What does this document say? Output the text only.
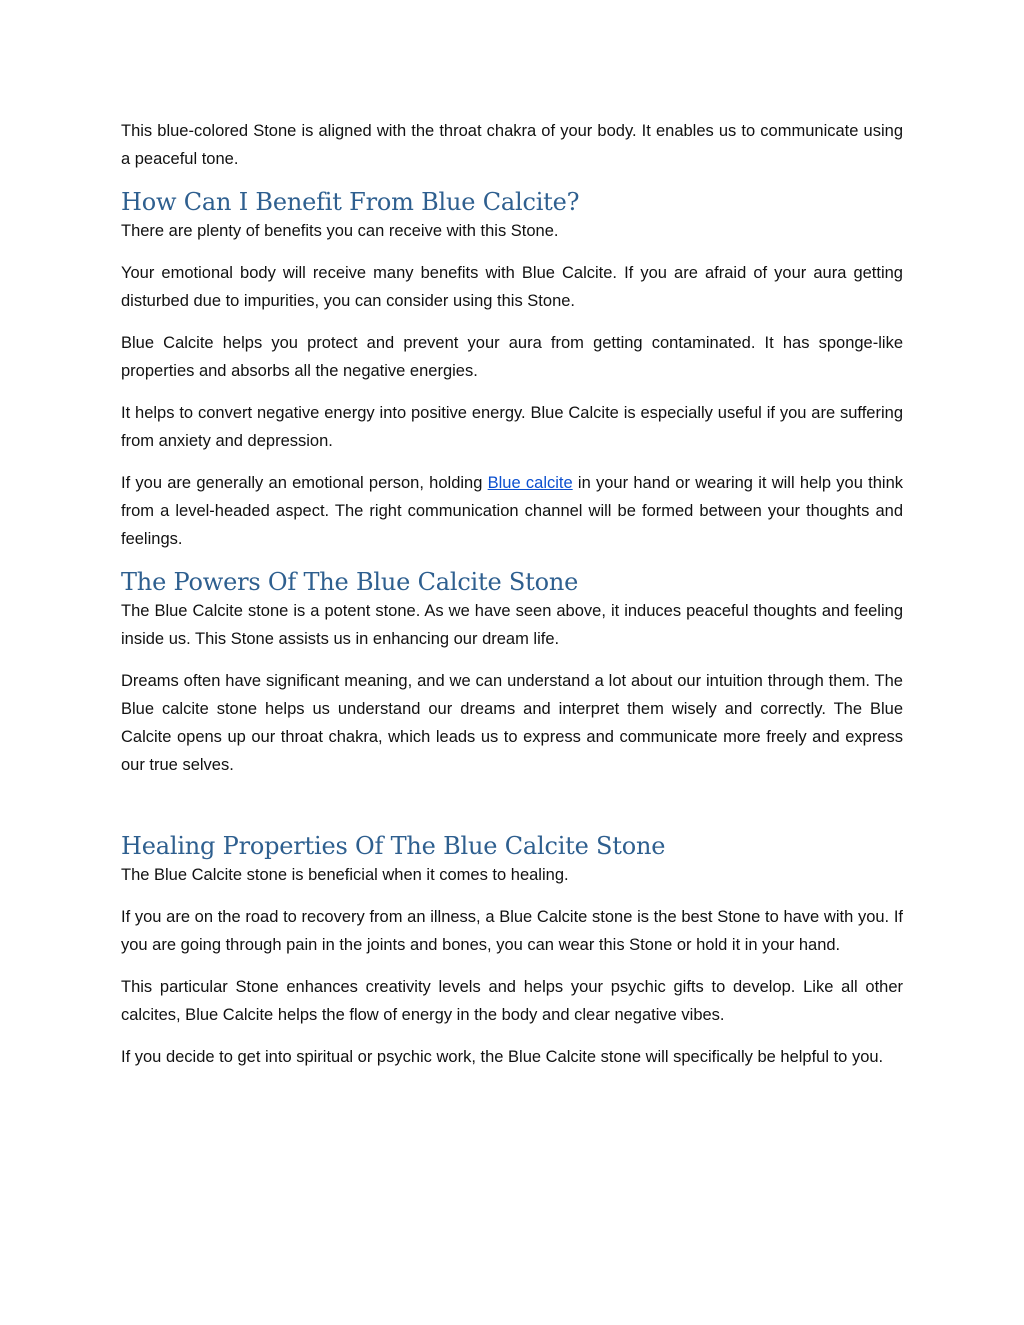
This blue-colored Stone is aligned with the throat chakra of your body. It enables us to communicate using a peaceful tone.

How Can I Benefit From Blue Calcite?

There are plenty of benefits you can receive with this Stone.

Your emotional body will receive many benefits with Blue Calcite. If you are afraid of your aura getting disturbed due to impurities, you can consider using this Stone.

Blue Calcite helps you protect and prevent your aura from getting contaminated. It has sponge-like properties and absorbs all the negative energies.

It helps to convert negative energy into positive energy. Blue Calcite is especially useful if you are suffering from anxiety and depression.

If you are generally an emotional person, holding Blue calcite in your hand or wearing it will help you think from a level-headed aspect. The right communication channel will be formed between your thoughts and feelings.

The Powers Of The Blue Calcite Stone

The Blue Calcite stone is a potent stone. As we have seen above, it induces peaceful thoughts and feeling inside us. This Stone assists us in enhancing our dream life.

Dreams often have significant meaning, and we can understand a lot about our intuition through them. The Blue calcite stone helps us understand our dreams and interpret them wisely and correctly. The Blue Calcite opens up our throat chakra, which leads us to express and communicate more freely and express our true selves.

Healing Properties Of The Blue Calcite Stone

The Blue Calcite stone is beneficial when it comes to healing.

If you are on the road to recovery from an illness, a Blue Calcite stone is the best Stone to have with you. If you are going through pain in the joints and bones, you can wear this Stone or hold it in your hand.

This particular Stone enhances creativity levels and helps your psychic gifts to develop. Like all other calcites, Blue Calcite helps the flow of energy in the body and clear negative vibes.

If you decide to get into spiritual or psychic work, the Blue Calcite stone will specifically be helpful to you.
